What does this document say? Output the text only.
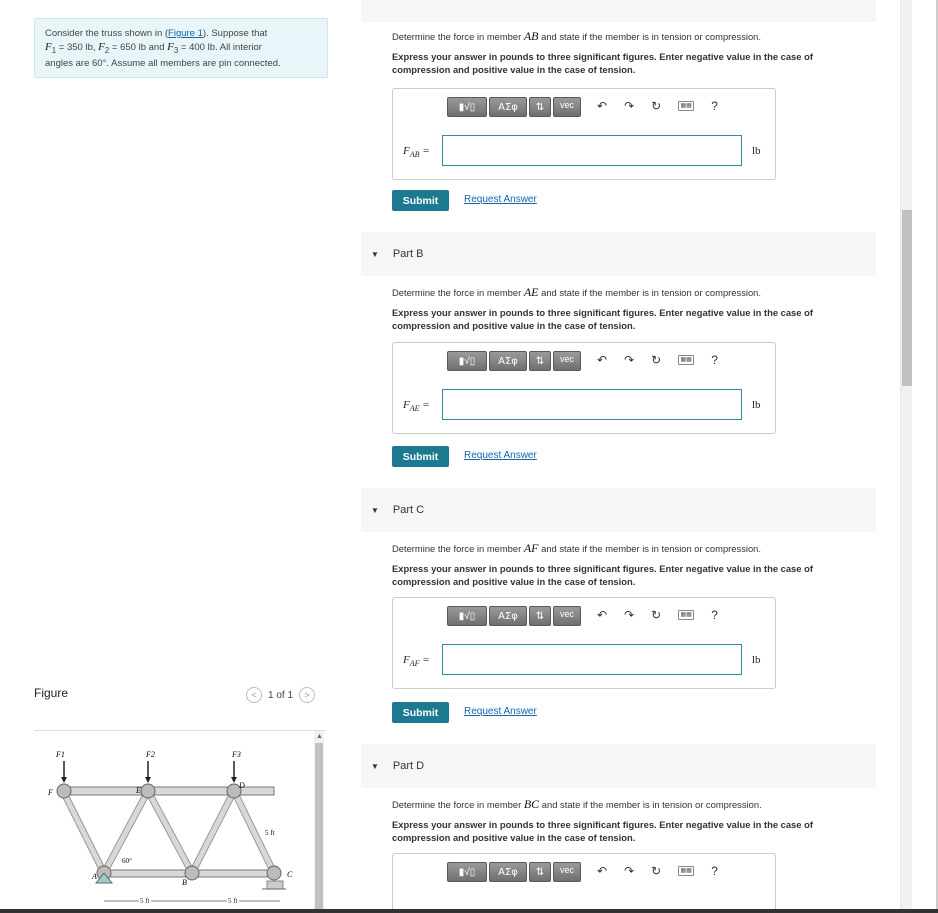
Consider the truss shown in (Figure 1). Suppose that
$F_1 = 350$ lb, $F_2 = 650$ lb and $F_3 = 400$ lb. All interior
angles are 60°. Assume all members are pin connected.
Figure	<	1 of 1	>
F1	F2	F3
E
D
F
A
B
C
60°
5 ft
5 ft	5 ft
▲
Determine the force in member AB and state if the member is in tension or compression.
Express your answer in pounds to three significant figures. Enter negative value in the case of compression and positive value in the case of tension.
▮√▯	ΑΣφ	⇅	vec	↶ ↷ ↻	▦▦ ?
$F_{AB}$ =	lb
Submit	Request Answer
▼ Part B
Determine the force in member AE and state if the member is in tension or compression.
Express your answer in pounds to three significant figures. Enter negative value in the case of compression and positive value in the case of tension.
▮√▯	ΑΣφ	⇅	vec	↶ ↷ ↻	▦▦ ?
$F_{AE}$ =	lb
Submit	Request Answer
▼ Part C
Determine the force in member AF and state if the member is in tension or compression.
Express your answer in pounds to three significant figures. Enter negative value in the case of compression and positive value in the case of tension.
▮√▯	ΑΣφ	⇅	vec	↶ ↷ ↻	▦▦ ?
$F_{AF}$ =	lb
Submit	Request Answer
▼ Part D
Determine the force in member BC and state if the member is in tension or compression.
Express your answer in pounds to three significant figures. Enter negative value in the case of compression and positive value in the case of tension.
▮√▯	ΑΣφ	⇅	vec	↶ ↷ ↻	▦▦ ?
